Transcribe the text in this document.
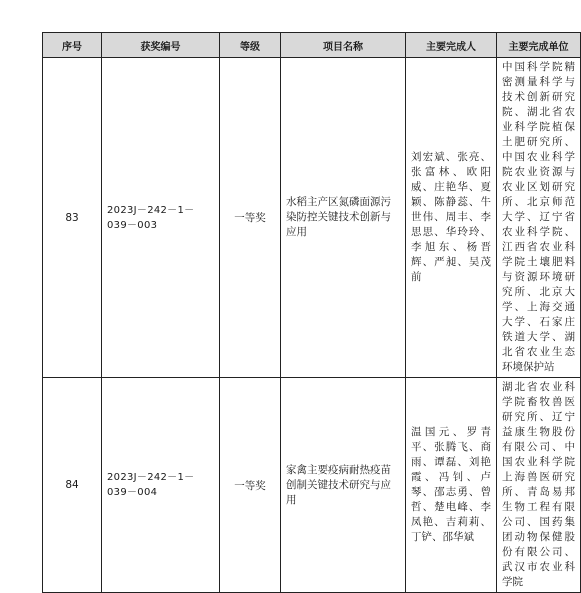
序号	获奖编号	等级	项目名称	主要完成人	主要完成单位
83	2023J－242－1－039－003	一等奖	水稻主产区氮磷面源污染防控关键技术创新与应用	刘宏斌、张亮、张富林、欧阳威、庄艳华、夏颖、陈静蕊、牛世伟、周丰、李思思、华玲玲、李旭东、杨晋辉、严昶、吴茂前	中国科学院精密测量科学与技术创新研究院、湖北省农业科学院植保土肥研究所、中国农业科学院农业资源与农业区划研究所、北京师范大学、辽宁省农业科学院、江西省农业科学院土壤肥料与资源环境研究所、北京大学、上海交通大学、石家庄铁道大学、湖北省农业生态环境保护站
84	2023J－242－1－039－004	一等奖	家禽主要疫病耐热疫苗创制关键技术研究与应用	温国元、罗青平、张腾飞、商雨、谭磊、刘艳霞、冯钊、卢琴、邵志勇、曾哲、楚电峰、李凤艳、吉莉莉、丁铲、邵华斌	湖北省农业科学院畜牧兽医研究所、辽宁益康生物股份有限公司、中国农业科学院上海兽医研究所、青岛易邦生物工程有限公司、国药集团动物保健股份有限公司、武汉市农业科学院
